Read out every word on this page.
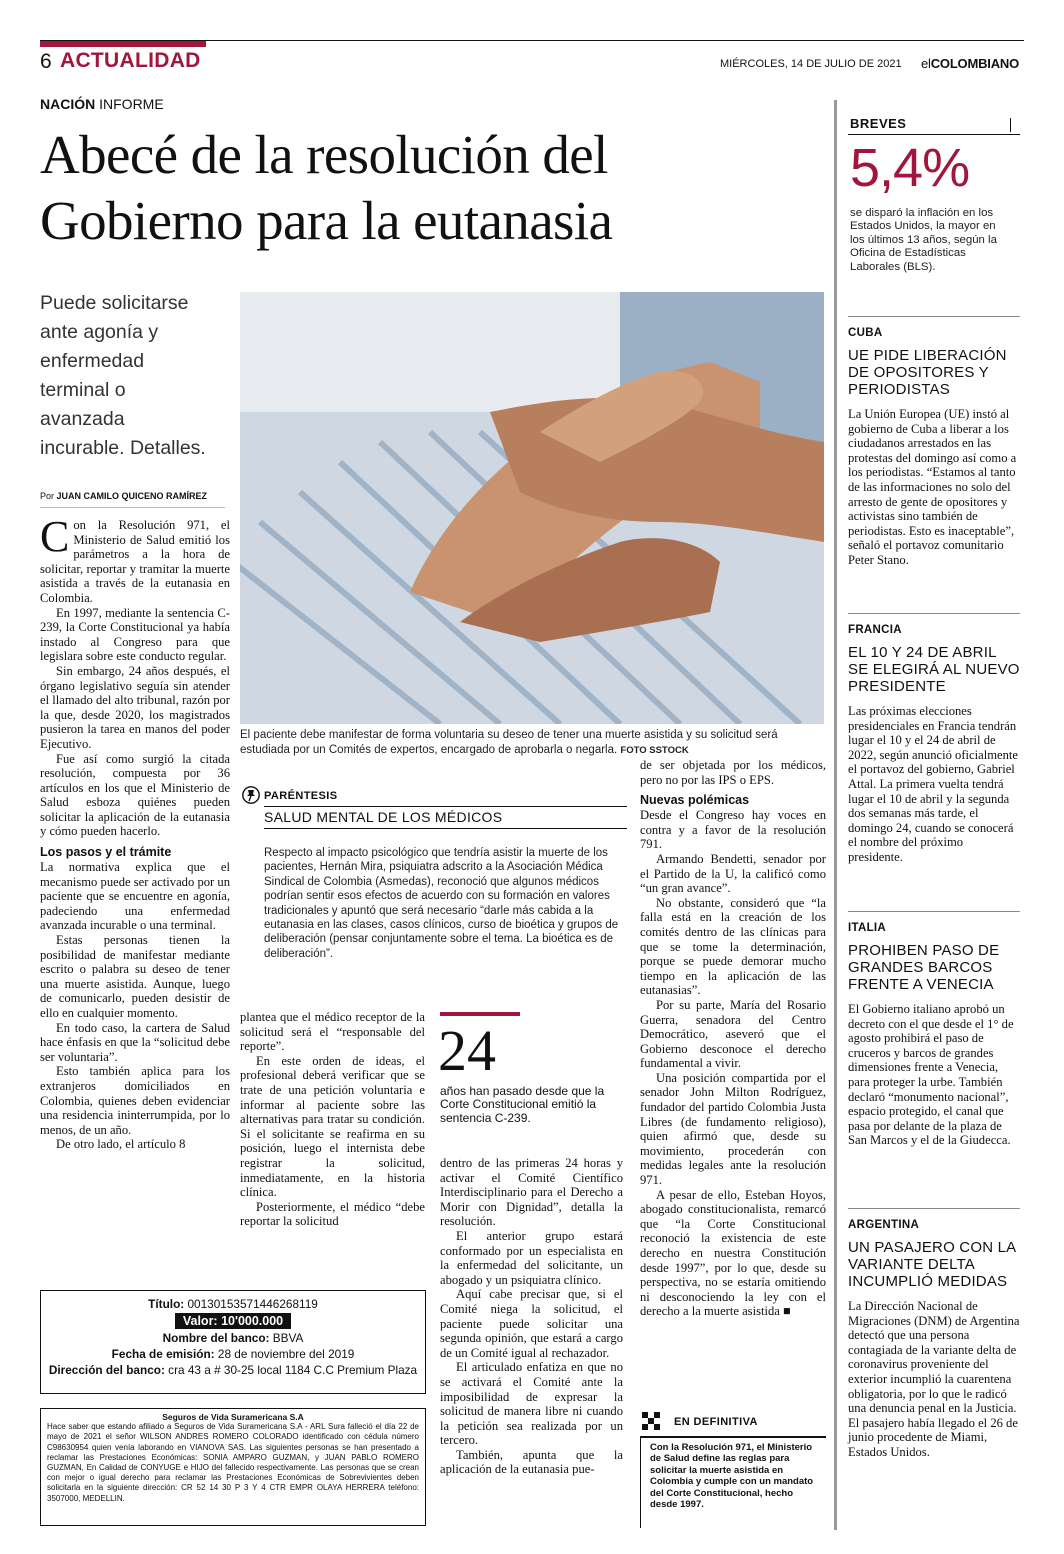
6 ACTUALIDAD	MIÉRCOLES, 14 DE JULIO DE 2021 elCOLOMBIANO
NACIÓN INFORME
Abecé de la resolución del
Gobierno para la eutanasia
Puede solicitarse
ante agonía y
enfermedad
terminal o
avanzada
incurable. Detalles.
Por JUAN CAMILO QUICENO RAMÍREZ
El paciente debe manifestar de forma voluntaria su deseo de tener una muerte asistida y su solicitud será estudiada por un Comités de expertos, encargado de aprobarla o negarla. FOTO SSTOCK

Con la Resolución 971, el Ministerio de Salud emitió los parámetros a la hora de solicitar, reportar y tramitar la muerte asistida a través de la eutanasia en Colombia.

En 1997, mediante la sentencia C-239, la Corte Constitucional ya había instado al Congreso para que legislara sobre este conducto regular.

Sin embargo, 24 años después, el órgano legislativo seguía sin atender el llamado del alto tribunal, razón por la que, desde 2020, los magistrados pusieron la tarea en manos del poder Ejecutivo.

Fue así como surgió la citada resolución, compuesta por 36 artículos en los que el Ministerio de Salud esboza quiénes pueden solicitar la aplicación de la eutanasia y cómo pueden hacerlo.

Los pasos y el trámite

La normativa explica que el mecanismo puede ser activado por un paciente que se encuentre en agonía, padeciendo una enfermedad avanzada incurable o una terminal.

Estas personas tienen la posibilidad de manifestar mediante escrito o palabra su deseo de tener una muerte asistida. Aunque, luego de comunicarlo, pueden desistir de ello en cualquier momento.

En todo caso, la cartera de Salud hace énfasis en que la “solicitud debe ser voluntaria”.

Esto también aplica para los extranjeros domiciliados en Colombia, quienes deben evidenciar una residencia ininterrumpida, por lo menos, de un año.

De otro lado, el artículo 8

PARÉNTESIS
SALUD MENTAL DE LOS MÉDICOS
Respecto al impacto psicológico que tendría asistir la muerte de los pacientes, Hernán Mira, psiquiatra adscrito a la Asociación Médica Sindical de Colombia (Asmedas), reconoció que algunos médicos podrían sentir esos efectos de acuerdo con su formación en valores tradicionales y apuntó que será necesario “darle más cabida a la eutanasia en las clases, casos clínicos, curso de bioética y grupos de deliberación (pensar conjuntamente sobre el tema. La bioética es de deliberación”.

plantea que el médico receptor de la solicitud será el “responsable del reporte”.

En este orden de ideas, el profesional deberá verificar que se trate de una petición voluntaria e informar al paciente sobre las alternativas para tratar su condición. Si el solicitante se reafirma en su posición, luego el internista debe registrar la solicitud, inmediatamente, en la historia clínica.

Posteriormente, el médico “debe reportar la solicitud

24
años han pasado desde que la Corte Constitucional emitió la sentencia C-239.

dentro de las primeras 24 horas y activar el Comité Científico Interdisciplinario para el Derecho a Morir con Dignidad”, detalla la resolución.

El anterior grupo estará conformado por un especialista en la enfermedad del solicitante, un abogado y un psiquiatra clínico.

Aquí cabe precisar que, si el Comité niega la solicitud, el paciente puede solicitar una segunda opinión, que estará a cargo de un Comité igual al rechazador.

El articulado enfatiza en que no se activará el Comité ante la imposibilidad de expresar la solicitud de manera libre ni cuando la petición sea realizada por un tercero.

También, apunta que la aplicación de la eutanasia pue-

de ser objetada por los médicos, pero no por las IPS o EPS.

Nuevas polémicas

Desde el Congreso hay voces en contra y a favor de la resolución 791.

Armando Bendetti, senador por el Partido de la U, la calificó como “un gran avance”.

No obstante, consideró que “la falla está en la creación de los comités dentro de las clínicas para que se tome la determinación, porque se puede demorar mucho tiempo en la aplicación de las eutanasias”.

Por su parte, María del Rosario Guerra, senadora del Centro Democrático, aseveró que el Gobierno desconoce el derecho fundamental a vivir.

Una posición compartida por el senador John Milton Rodríguez, fundador del partido Colombia Justa Libres (de fundamento religioso), quien afirmó que, desde su movimiento, procederán con medidas legales ante la resolución 971.

A pesar de ello, Esteban Hoyos, abogado constitucionalista, remarcó que “la Corte Constitucional reconoció la existencia de este derecho en nuestra Constitución desde 1997”, por lo que, desde su perspectiva, no se estaría omitiendo ni desconociendo la ley con el derecho a la muerte asistida ■

EN DEFINITIVA
Con la Resolución 971, el Ministerio de Salud define las reglas para solicitar la muerte asistida en Colombia y cumple con un mandato del Corte Constitucional, hecho desde 1997.
Título: 00130153571446268119
Valor: 10'000.000
Nombre del banco: BBVA
Fecha de emisión: 28 de noviembre del 2019
Dirección del banco: cra 43 a # 30-25 local 1184 C.C Premium Plaza
Seguros de Vida Suramericana S.A
Hace saber que estando afiliado a Seguros de Vida Suramericana S.A - ARL Sura falleció el día 22 de mayo de 2021 el señor WILSON ANDRES ROMERO COLORADO identificado con cédula número C98630954 quien venía laborando en VIANOVA SAS. Las siguientes personas se han presentado a reclamar las Prestaciones Económicas: SONIA AMPARO GUZMAN, y JUAN PABLO ROMERO GUZMAN, En Calidad de CONYUGE e HIJO del fallecido respectivamente. Las personas que se crean con mejor o igual derecho para reclamar las Prestaciones Económicas de Sobrevivientes deben solicitarla en la siguiente dirección: CR 52 14 30 P 3 Y 4 CTR EMPR OLAYA HERRERA teléfono: 3507000, MEDELLIN.
BREVES
5,4%
se disparó la inflación en los Estados Unidos, la mayor en los últimos 13 años, según la Oficina de Estadísticas Laborales (BLS).
CUBA
UE PIDE LIBERACIÓN DE OPOSITORES Y PERIODISTAS
La Unión Europea (UE) instó al gobierno de Cuba a liberar a los ciudadanos arrestados en las protestas del domingo así como a los periodistas. “Estamos al tanto de las informaciones no solo del arresto de gente de opositores y activistas sino también de periodistas. Esto es inaceptable”, señaló el portavoz comunitario Peter Stano.
FRANCIA
EL 10 Y 24 DE ABRIL SE ELEGIRÁ AL NUEVO PRESIDENTE
Las próximas elecciones presidenciales en Francia tendrán lugar el 10 y el 24 de abril de 2022, según anunció oficialmente el portavoz del gobierno, Gabriel Attal. La primera vuelta tendrá lugar el 10 de abril y la segunda dos semanas más tarde, el domingo 24, cuando se conocerá el nombre del próximo presidente.
ITALIA
PROHIBEN PASO DE GRANDES BARCOS FRENTE A VENECIA
El Gobierno italiano aprobó un decreto con el que desde el 1° de agosto prohibirá el paso de cruceros y barcos de grandes dimensiones frente a Venecia, para proteger la urbe. También declaró “monumento nacional”, espacio protegido, el canal que pasa por delante de la plaza de San Marcos y el de la Giudecca.
ARGENTINA
UN PASAJERO CON LA VARIANTE DELTA INCUMPLIÓ MEDIDAS
La Dirección Nacional de Migraciones (DNM) de Argentina detectó que una persona contagiada de la variante delta de coronavirus proveniente del exterior incumplió la cuarentena obligatoria, por lo que le radicó una denuncia penal en la Justicia. El pasajero había llegado el 26 de junio procedente de Miami, Estados Unidos.
